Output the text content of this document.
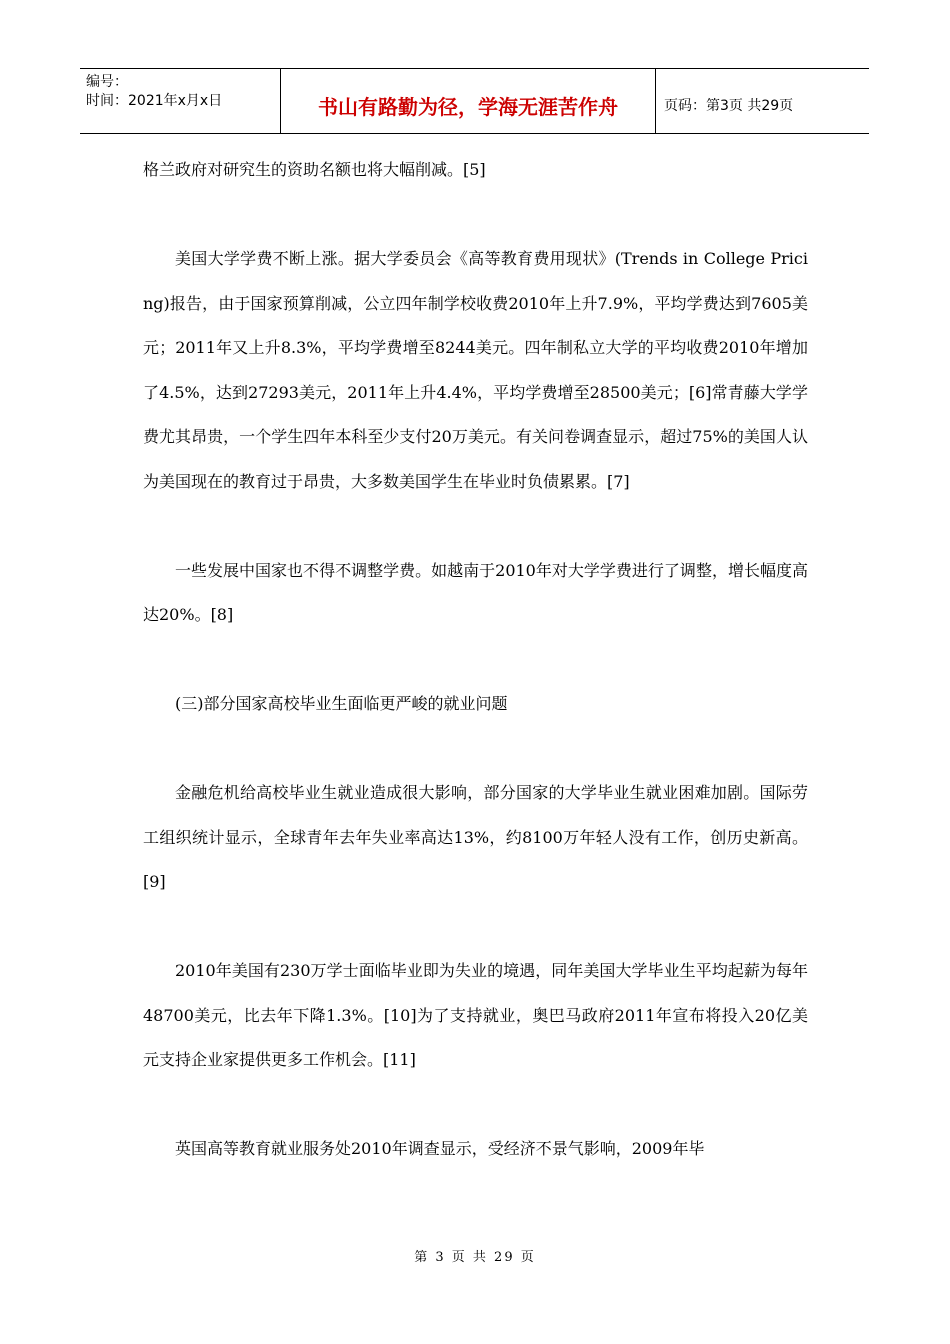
编号：
时间：2021年x月x日	书山有路勤为径，学海无涯苦作舟	页码：第3页 共29页

格兰政府对研究生的资助名额也将大幅削减。[5]

美国大学学费不断上涨。据大学委员会《高等教育费用现状》(Trends in College Pricing)报告，由于国家预算削减，公立四年制学校收费2010年上升7.9%，平均学费达到7605美元；2011年又上升8.3%，平均学费增至8244美元。四年制私立大学的平均收费2010年增加了4.5%，达到27293美元，2011年上升4.4%，平均学费增至28500美元；[6]常青藤大学学费尤其昂贵，一个学生四年本科至少支付20万美元。有关问卷调查显示，超过75%的美国人认为美国现在的教育过于昂贵，大多数美国学生在毕业时负债累累。[7]

一些发展中国家也不得不调整学费。如越南于2010年对大学学费进行了调整，增长幅度高达20%。[8]

(三)部分国家高校毕业生面临更严峻的就业问题

金融危机给高校毕业生就业造成很大影响，部分国家的大学毕业生就业困难加剧。国际劳工组织统计显示，全球青年去年失业率高达13%，约8100万年轻人没有工作，创历史新高。[9]

2010年美国有230万学士面临毕业即为失业的境遇，同年美国大学毕业生平均起薪为每年48700美元，比去年下降1.3%。[10]为了支持就业，奥巴马政府2011年宣布将投入20亿美元支持企业家提供更多工作机会。[11]

英国高等教育就业服务处2010年调查显示，受经济不景气影响，2009年毕

第 3 页 共 29 页
